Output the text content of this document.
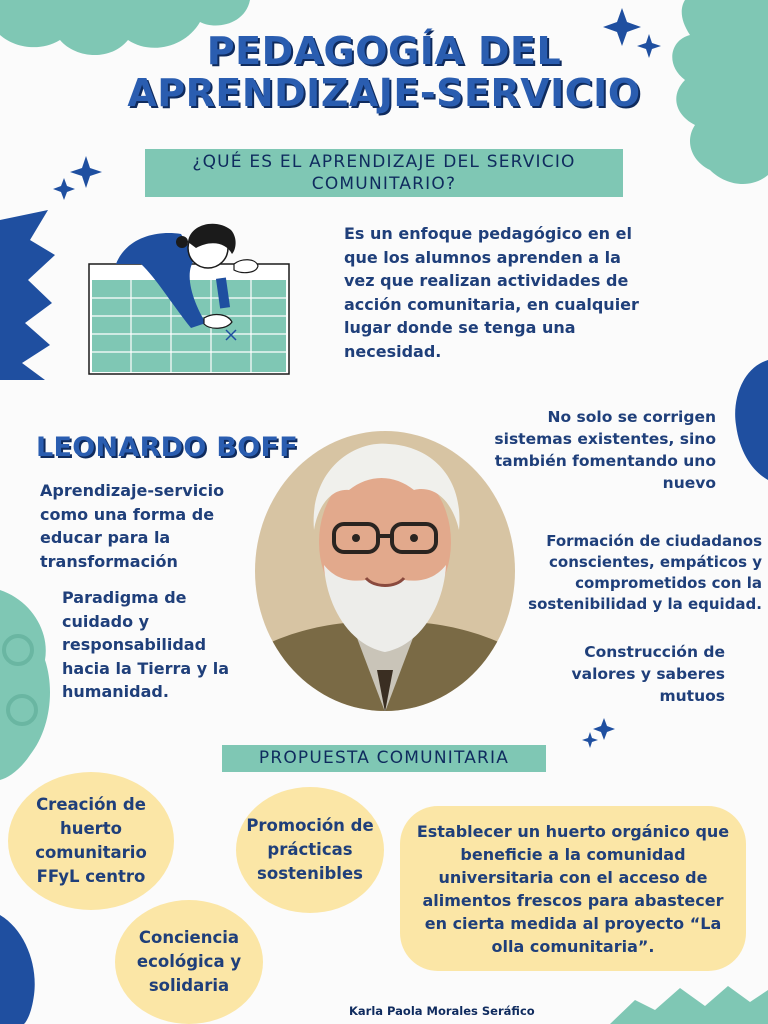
PEDAGOGÍA DEL
APRENDIZAJE-SERVICIO
¿QUÉ ES EL APRENDIZAJE DEL SERVICIO
COMUNITARIO?
Es un enfoque pedagógico en el que los alumnos aprenden a la vez que realizan actividades de acción comunitaria, en cualquier lugar donde se tenga una necesidad.
LEONARDO BOFF
Aprendizaje-servicio como una forma de educar para la transformación
Paradigma de cuidado y responsabilidad hacia la Tierra y la humanidad.
No solo se corrigen sistemas existentes, sino también fomentando uno nuevo
Formación de ciudadanos conscientes, empáticos y comprometidos con la sostenibilidad y la equidad.
Construcción de valores y saberes mutuos
PROPUESTA COMUNITARIA
Creación de huerto comunitario FFyL centro
Promoción de prácticas sostenibles
Conciencia ecológica y solidaria
Establecer un huerto orgánico que beneficie a la comunidad universitaria con el acceso de alimentos frescos para abastecer en cierta medida al proyecto “La olla comunitaria”.
Karla Paola Morales Seráfico
